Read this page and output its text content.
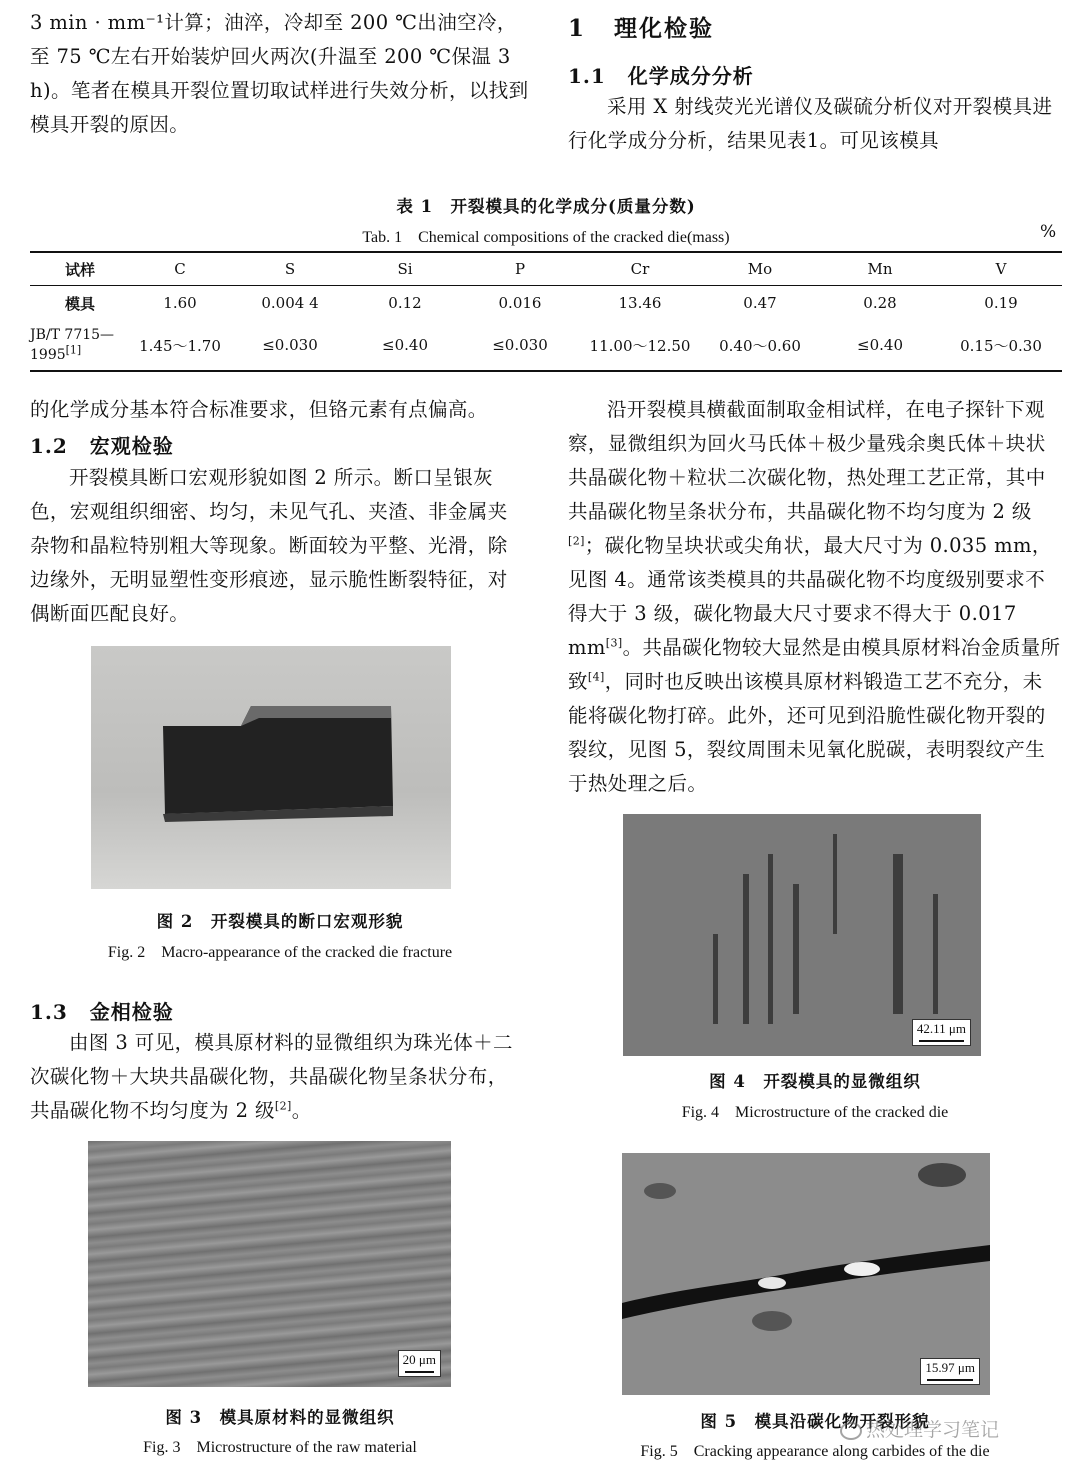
3 min · mm⁻¹计算；油淬，冷却至 200 ℃出油空冷，至 75 ℃左右开始装炉回火两次(升温至 200 ℃保温 3 h)。笔者在模具开裂位置切取试样进行失效分析，以找到模具开裂的原因。

1 理化检验
1.1 化学成分分析

采用 X 射线荧光光谱仪及碳硫分析仪对开裂模具进行化学成分分析，结果见表1。可见该模具

表 1　开裂模具的化学成分(质量分数)
Tab. 1　Chemical compositions of the cracked die(mass)	%
试样	C	S	Si	P	Cr	Mo	Mn	V
模具	1.60	0.004 4	0.12	0.016	13.46	0.47	0.28	0.19
JB/T 7715—
1995[1]	1.45～1.70	≤0.030	≤0.40	≤0.030	11.00～12.50	0.40～0.60	≤0.40	0.15～0.30

的化学成分基本符合标准要求，但铬元素有点偏高。

1.2 宏观检验

开裂模具断口宏观形貌如图 2 所示。断口呈银灰色，宏观组织细密、均匀，未见气孔、夹渣、非金属夹杂物和晶粒特别粗大等现象。断面较为平整、光滑，除边缘外，无明显塑性变形痕迹，显示脆性断裂特征，对偶断面匹配良好。

图 2　开裂模具的断口宏观形貌
Fig. 2　Macro-appearance of the cracked die fracture
1.3 金相检验

由图 3 可见，模具原材料的显微组织为珠光体＋二次碳化物＋大块共晶碳化物，共晶碳化物呈条状分布，共晶碳化物不均匀度为 2 级[2]。

20 μm
图 3　模具原材料的显微组织
Fig. 3　Microstructure of the raw material

沿开裂模具横截面制取金相试样，在电子探针下观察，显微组织为回火马氏体＋极少量残余奥氏体＋块状共晶碳化物＋粒状二次碳化物，热处理工艺正常，其中共晶碳化物呈条状分布，共晶碳化物不均匀度为 2 级[2]；碳化物呈块状或尖角状，最大尺寸为 0.035 mm，见图 4。通常该类模具的共晶碳化物不均度级别要求不得大于 3 级，碳化物最大尺寸要求不得大于 0.017 mm[3]。共晶碳化物较大显然是由模具原材料冶金质量所致[4]，同时也反映出该模具原材料锻造工艺不充分，未能将碳化物打碎。此外，还可见到沿脆性碳化物开裂的裂纹，见图 5，裂纹周围未见氧化脱碳，表明裂纹产生于热处理之后。

42.11 μm
图 4　开裂模具的显微组织
Fig. 4　Microstructure of the cracked die
15.97 μm
图 5　模具沿碳化物开裂形貌
Fig. 5　Cracking appearance along carbides of the die
热处理学习笔记
